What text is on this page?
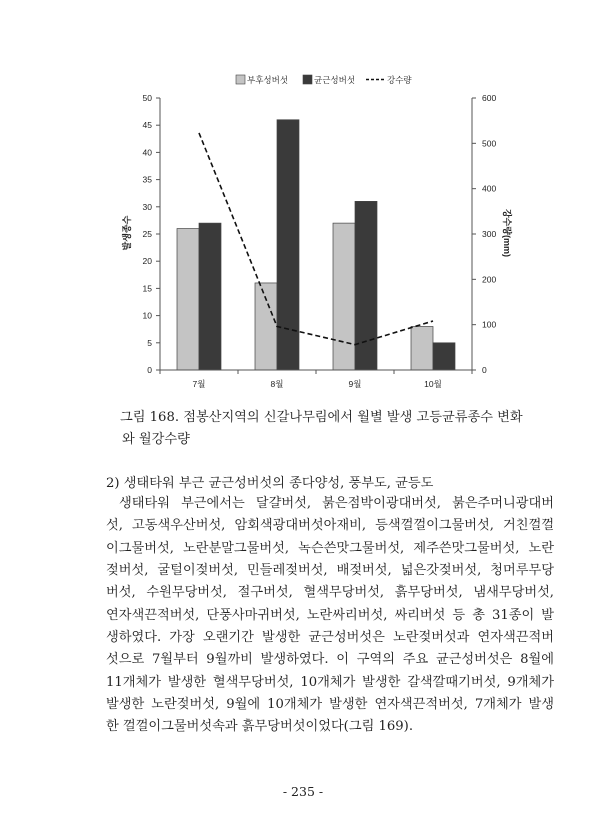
부후성버섯	균근성버섯	강수량
0
5
10
15
20
25
30
35
40
45
50
0
100
200
300
400
500
600
7월	8월	9월	10월
발생종수	강수량(mm)

그림 168. 점봉산지역의 신갈나무림에서 월별 발생 고등균류종수 변화
와 월강수량

2) 생태타워 부근 균근성버섯의 종다양성, 풍부도, 균등도
생태타워 부근에서는 달걀버섯, 붉은점박이광대버섯, 붉은주머니광대버
섯, 고동색우산버섯, 암회색광대버섯아재비, 등색껄껄이그물버섯, 거친껄껄
이그물버섯, 노란분말그물버섯, 녹슨쓴맛그물버섯, 제주쓴맛그물버섯, 노란
젖버섯, 굴털이젖버섯, 민들레젖버섯, 배젖버섯, 넓은갓젖버섯, 청머루무당
버섯, 수원무당버섯, 절구버섯, 혈색무당버섯, 흙무당버섯, 냄새무당버섯,
연자색끈적버섯, 단풍사마귀버섯, 노란싸리버섯, 싸리버섯 등 총 31종이 발
생하였다. 가장 오랜기간 발생한 균근성버섯은 노란젖버섯과 연자색끈적버
섯으로 7월부터 9월까비 발생하였다. 이 구역의 주요 균근성버섯은 8월에
11개체가 발생한 혈색무당버섯, 10개체가 발생한 갈색깔때기버섯, 9개체가
발생한 노란젖버섯, 9월에 10개체가 발생한 연자색끈적버섯, 7개체가 발생
한 껄껄이그물버섯속과 흙무당버섯이었다(그림 169).

- 235 -
